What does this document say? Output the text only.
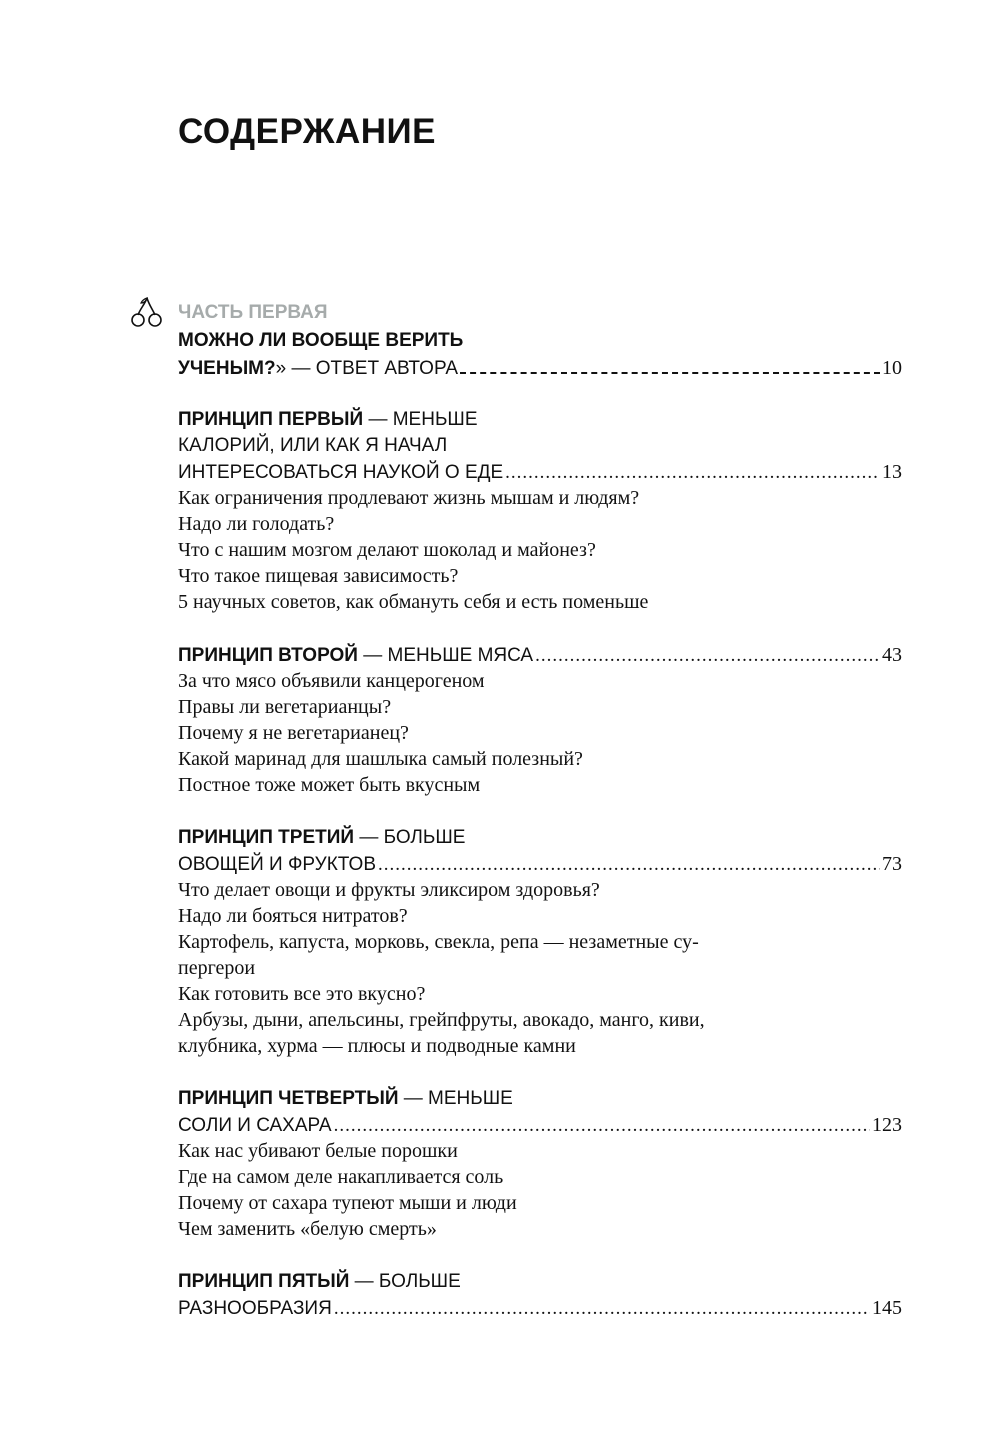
СОДЕРЖАНИЕ
ЧАСТЬ ПЕРВАЯ
МОЖНО ЛИ ВООБЩЕ ВЕРИТЬ
УЧЕНЫМ?» — ОТВЕТ АВТОРА	10
ПРИНЦИП ПЕРВЫЙ — МЕНЬШЕ
КАЛОРИЙ, ИЛИ КАК Я НАЧАЛ
ИНТЕРЕСОВАТЬСЯ НАУКОЙ О ЕДЕ .....	13
Как ограничения продлевают жизнь мышам и людям?
Надо ли голодать?
Что с нашим мозгом делают шоколад и майонез?
Что такое пищевая зависимость?
5 научных советов, как обмануть себя и есть поменьше
ПРИНЦИП ВТОРОЙ — МЕНЬШЕ МЯСА .....	43
За что мясо объявили канцерогеном
Правы ли вегетарианцы?
Почему я не вегетарианец?
Какой маринад для шашлыка самый полезный?
Постное тоже может быть вкусным
ПРИНЦИП ТРЕТИЙ — БОЛЬШЕ
ОВОЩЕЙ И ФРУКТОВ .....	73
Что делает овощи и фрукты эликсиром здоровья?
Надо ли бояться нитратов?
Картофель, капуста, морковь, свекла, репа — незаметные су-
пергерои
Как готовить все это вкусно?
Арбузы, дыни, апельсины, грейпфруты, авокадо, манго, киви,
клубника, хурма — плюсы и подводные камни
ПРИНЦИП ЧЕТВЕРТЫЙ — МЕНЬШЕ
СОЛИ И САХАРА .....	123
Как нас убивают белые порошки
Где на самом деле накапливается соль
Почему от сахара тупеют мыши и люди
Чем заменить «белую смерть»
ПРИНЦИП ПЯТЫЙ — БОЛЬШЕ
РАЗНООБРАЗИЯ .....	145
